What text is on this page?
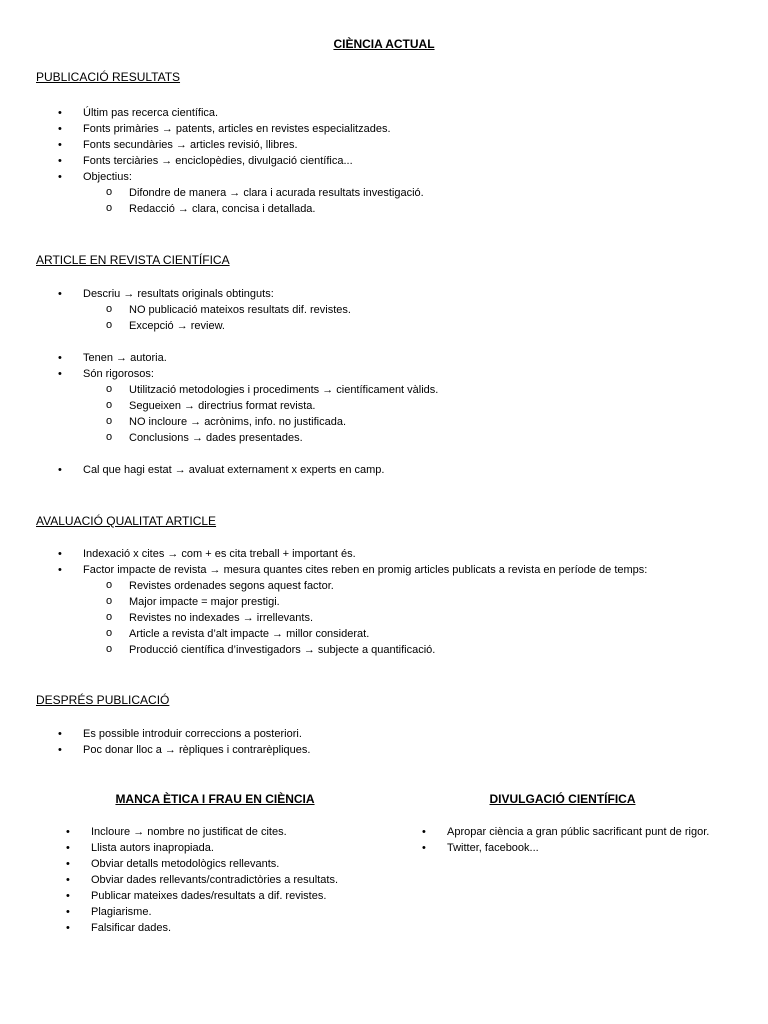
CIÈNCIA ACTUAL
PUBLICACIÓ RESULTATS
• Últim pas recerca científica.
• Fonts primàries → patents, articles en revistes especialitzades.
• Fonts secundàries → articles revisió, llibres.
• Fonts terciàries → enciclopèdies, divulgació científica...
• Objectius:
o Difondre de manera → clara i acurada resultats investigació.
o Redacció → clara, concisa i detallada.
ARTICLE EN REVISTA CIENTÍFICA
• Descriu → resultats originals obtinguts:
o NO publicació mateixos resultats dif. revistes.
o Excepció → review.
• Tenen → autoria.
• Són rigorosos:
o Utilització metodologies i procediments → científicament vàlids.
o Segueixen → directrius format revista.
o NO incloure → acrònims, info. no justificada.
o Conclusions → dades presentades.
• Cal que hagi estat → avaluat externament x experts en camp.
AVALUACIÓ QUALITAT ARTICLE
• Indexació x cites → com + es cita treball + important és.
• Factor impacte de revista → mesura quantes cites reben en promig articles publicats a revista en període de temps:
o Revistes ordenades segons aquest factor.
o Major impacte = major prestigi.
o Revistes no indexades → irrellevants.
o Article a revista d’alt impacte → millor considerat.
o Producció científica d’investigadors → subjecte a quantificació.
DESPRÉS PUBLICACIÓ
• Es possible introduir correccions a posteriori.
• Poc donar lloc a → rèpliques i contrarèpliques.
MANCA ÈTICA I FRAU EN CIÈNCIA
• Incloure → nombre no justificat de cites.
• Llista autors inapropiada.
• Obviar detalls metodològics rellevants.
• Obviar dades rellevants/contradictòries a resultats.
• Publicar mateixes dades/resultats a dif. revistes.
• Plagiarisme.
• Falsificar dades.
DIVULGACIÓ CIENTÍFICA
• Apropar ciència a gran públic sacrificant punt de rigor.
• Twitter, facebook...
